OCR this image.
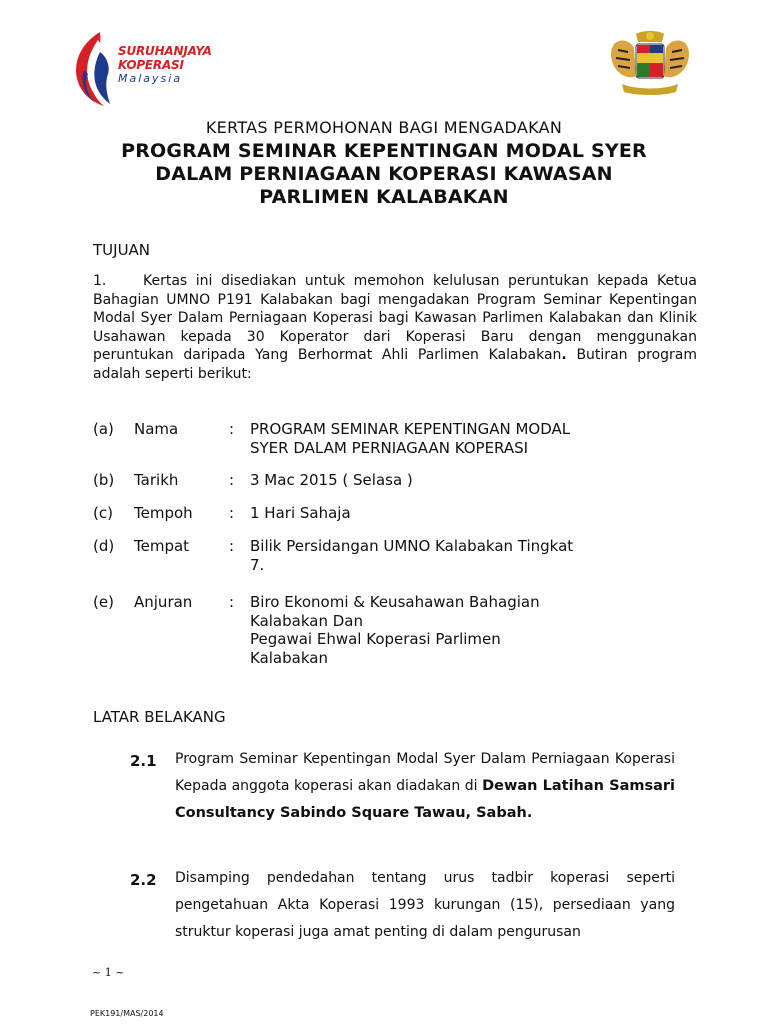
SURUHANJAYA
KOPERASI
Malaysia
KERTAS PERMOHONAN BAGI MENGADAKAN
PROGRAM SEMINAR KEPENTINGAN MODAL SYER
DALAM PERNIAGAAN KOPERASI KAWASAN
PARLIMEN KALABAKAN
TUJUAN
1.	Kertas ini disediakan untuk memohon kelulusan peruntukan kepada Ketua Bahagian UMNO P191 Kalabakan bagi mengadakan Program Seminar Kepentingan Modal Syer Dalam Perniagaan Koperasi bagi Kawasan Parlimen Kalabakan dan Klinik Usahawan kepada 30 Koperator dari Koperasi Baru dengan menggunakan peruntukan daripada Yang Berhormat Ahli Parlimen Kalabakan. Butiran program adalah seperti berikut:
(a) Nama	: PROGRAM SEMINAR KEPENTINGAN MODAL
SYER DALAM PERNIAGAAN KOPERASI
(b) Tarikh	: 3 Mac 2015 ( Selasa )
(c) Tempoh : 1 Hari Sahaja
(d) Tempat	: Bilik Persidangan UMNO Kalabakan Tingkat
7.
(e) Anjuran : Biro Ekonomi & Keusahawan Bahagian
Kalabakan Dan
Pegawai Ehwal Koperasi Parlimen
Kalabakan
LATAR BELAKANG
2.1 Program Seminar Kepentingan Modal Syer Dalam Perniagaan Koperasi Kepada anggota koperasi akan diadakan di Dewan Latihan Samsari Consultancy Sabindo Square Tawau, Sabah.
2.2 Disamping pendedahan tentang urus tadbir koperasi seperti pengetahuan Akta Koperasi 1993 kurungan (15), persediaan yang struktur koperasi juga amat penting di dalam pengurusan
~ 1 ~
PEK191/MAS/2014
